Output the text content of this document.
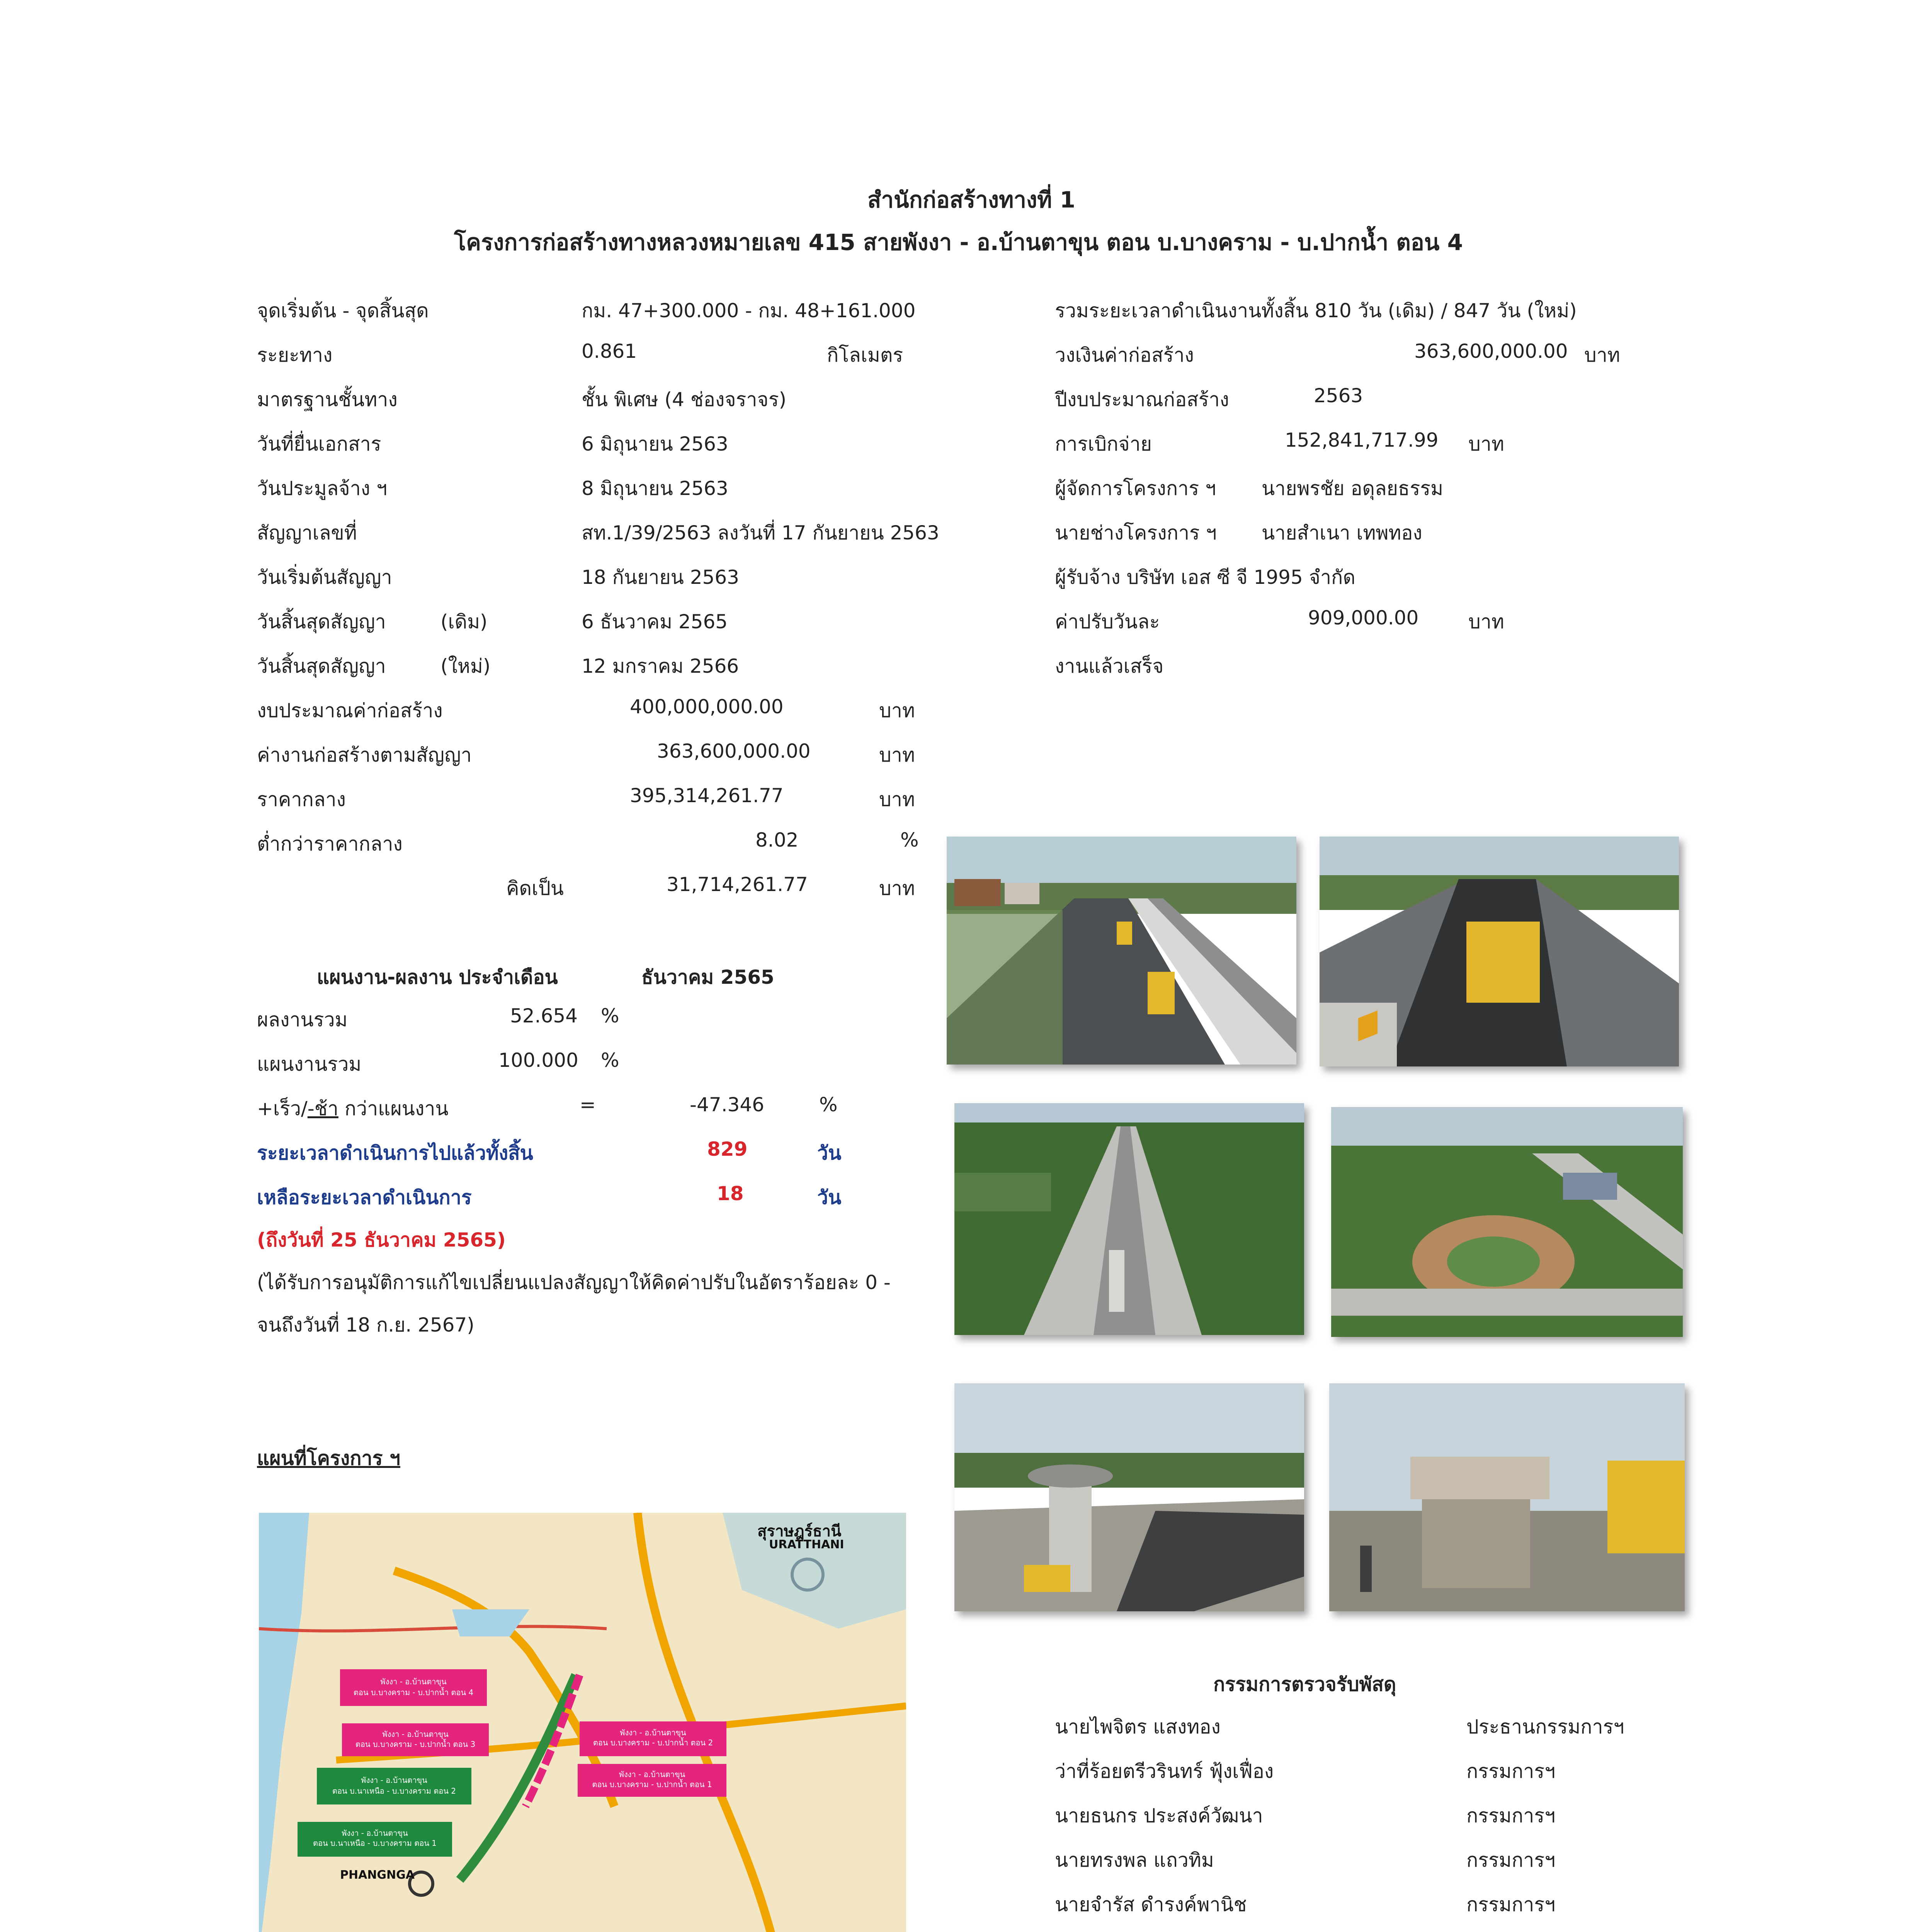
สำนักก่อสร้างทางที่ 1
โครงการก่อสร้างทางหลวงหมายเลข 415 สายพังงา - อ.บ้านตาขุน ตอน บ.บางคราม - บ.ปากน้ำ ตอน 4
จุดเริ่มต้น - จุดสิ้นสุด	กม. 47+300.000 - กม. 48+161.000
ระยะทาง	0.861	กิโลเมตร
มาตรฐานชั้นทาง	ชั้น พิเศษ (4 ช่องจราจร)
วันที่ยื่นเอกสาร	6 มิถุนายน 2563
วันประมูลจ้าง ฯ	8 มิถุนายน 2563
สัญญาเลขที่	สท.1/39/2563 ลงวันที่ 17 กันยายน 2563
วันเริ่มต้นสัญญา	18 กันยายน 2563
วันสิ้นสุดสัญญา	(เดิม)	6 ธันวาคม 2565
วันสิ้นสุดสัญญา	(ใหม่)	12 มกราคม 2566
งบประมาณค่าก่อสร้าง	400,000,000.00	บาท
ค่างานก่อสร้างตามสัญญา	363,600,000.00	บาท
ราคากลาง	395,314,261.77	บาท
ต่ำกว่าราคากลาง	8.02	%
คิดเป็น	31,714,261.77	บาท
รวมระยะเวลาดำเนินงานทั้งสิ้น 810 วัน (เดิม) / 847 วัน (ใหม่)
วงเงินค่าก่อสร้าง	363,600,000.00 บาท
ปีงบประมาณก่อสร้าง	2563
การเบิกจ่าย	152,841,717.99 บาท
ผู้จัดการโครงการ ฯ นายพรชัย อดุลยธรรม
นายช่างโครงการ ฯ นายสำเนา เทพทอง
ผู้รับจ้าง บริษัท เอส ซี จี 1995 จำกัด
ค่าปรับวันละ	909,000.00	บาท
งานแล้วเสร็จ
แผนงาน-ผลงาน ประจำเดือน	ธันวาคม 2565
ผลงานรวม	52.654 %
แผนงานรวม	100.000 %
+เร็ว/-ช้า กว่าแผนงาน	=	-47.346	%
ระยะเวลาดำเนินการไปแล้วทั้งสิ้น	829	วัน
เหลือระยะเวลาดำเนินการ	18	วัน
(ถึงวันที่ 25 ธันวาคม 2565)
(ได้รับการอนุมัติการแก้ไขเปลี่ยนแปลงสัญญาให้คิดค่าปรับในอัตราร้อยละ 0 -
จนถึงวันที่ 18 ก.ย. 2567)
แผนที่โครงการ ฯ
สุราษฎร์ธานี
URATTHANI
PHANGNGA
พังงา - อ.บ้านตาขุน
ตอน บ.บางคราม - บ.ปากน้ำ ตอน 4
พังงา - อ.บ้านตาขุน
ตอน บ.บางคราม - บ.ปากน้ำ ตอน 3
พังงา - อ.บ้านตาขุน
ตอน บ.บางคราม - บ.ปากน้ำ ตอน 2
พังงา - อ.บ้านตาขุน
ตอน บ.บางคราม - บ.ปากน้ำ ตอน 1
พังงา - อ.บ้านตาขุน
ตอน บ.นาเหนือ - บ.บางคราม ตอน 2
พังงา - อ.บ้านตาขุน
ตอน บ.นาเหนือ - บ.บางคราม ตอน 1
กรรมการตรวจรับพัสดุ
นายไพจิตร แสงทอง	ประธานกรรมการฯ
ว่าที่ร้อยตรีวรินทร์ ฟุ้งเฟื่อง	กรรมการฯ
นายธนกร ประสงค์วัฒนา	กรรมการฯ
นายทรงพล แถวทิม	กรรมการฯ
นายจำรัส ดำรงค์พานิช	กรรมการฯ
